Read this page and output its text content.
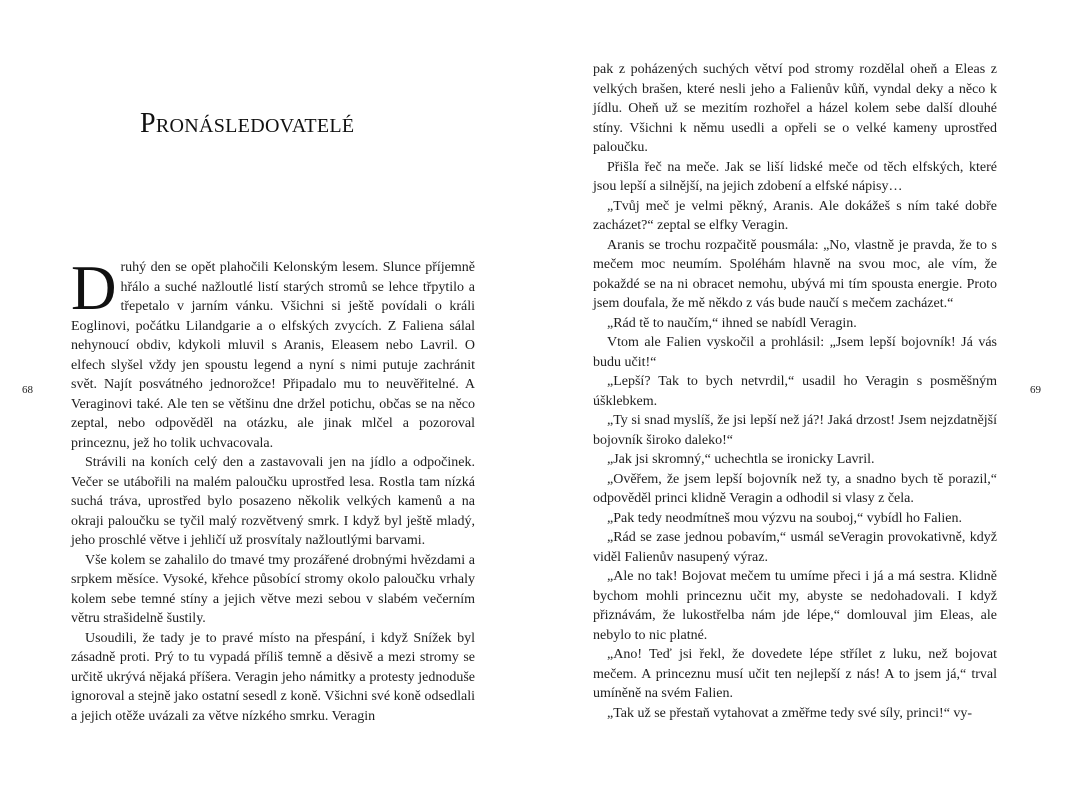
68
Pronásledovatelé

Druhý den se opět plahočili Kelonským lesem. Slunce příjemně hřálo a suché nažloutlé listí starých stromů se lehce třpytilo a třepetalo v jarním vánku. Všichni si ještě povídali o králi Eoglinovi, počátku Lilandgarie a o elfských zvycích. Z Faliena sálal nehynoucí obdiv, kdykoli mluvil s Aranis, Eleasem nebo Lavril. O elfech slyšel vždy jen spoustu legend a nyní s nimi putuje zachránit svět. Najít posvátného jednorožce! Připadalo mu to neuvěřitelné. A Veraginovi také. Ale ten se většinu dne držel potichu, občas se na něco zeptal, nebo odpověděl na otázku, ale jinak mlčel a pozoroval princeznu, jež ho tolik uchvacovala.

Strávili na koních celý den a zastavovali jen na jídlo a odpočinek. Večer se utábořili na malém paloučku uprostřed lesa. Rostla tam nízká suchá tráva, uprostřed bylo posazeno několik velkých kamenů a na okraji paloučku se tyčil malý rozvětvený smrk. I když byl ještě mladý, jeho proschlé větve i jehličí už prosvítaly nažloutlými barvami.

Vše kolem se zahalilo do tmavé tmy prozářené drobnými hvězdami a srpkem měsíce. Vysoké, křehce působící stromy okolo paloučku vrhaly kolem sebe temné stíny a jejich větve mezi sebou v slabém večerním větru strašidelně šustily.

Usoudili, že tady je to pravé místo na přespání, i když Snížek byl zásadně proti. Prý to tu vypadá příliš temně a děsivě a mezi stromy se určitě ukrývá nějaká příšera. Veragin jeho námitky a protesty jednoduše ignoroval a stejně jako ostatní sesedl z koně. Všichni své koně odsedlali a jejich otěže uvázali za větve nízkého smrku. Veragin

69

pak z poházených suchých větví pod stromy rozdělal oheň a Eleas z velkých brašen, které nesli jeho a Falienův kůň, vyndal deky a něco k jídlu. Oheň už se mezitím rozhořel a házel kolem sebe další dlouhé stíny. Všichni k němu usedli a opřeli se o velké kameny uprostřed paloučku.

Přišla řeč na meče. Jak se liší lidské meče od těch elfských, které jsou lepší a silnější, na jejich zdobení a elfské nápisy…

„Tvůj meč je velmi pěkný, Aranis. Ale dokážeš s ním také dobře zacházet?“ zeptal se elfky Veragin.

Aranis se trochu rozpačitě pousmála: „No, vlastně je pravda, že to s mečem moc neumím. Spoléhám hlavně na svou moc, ale vím, že pokaždé se na ni obracet nemohu, ubývá mi tím spousta energie. Proto jsem doufala, že mě někdo z vás bude naučí s mečem zacházet.“

„Rád tě to naučím,“ ihned se nabídl Veragin.

Vtom ale Falien vyskočil a prohlásil: „Jsem lepší bojovník! Já vás budu učit!“

„Lepší? Tak to bych netvrdil,“ usadil ho Veragin s posměšným úšklebkem.

„Ty si snad myslíš, že jsi lepší než já?! Jaká drzost! Jsem nejzdatnější bojovník široko daleko!“

„Jak jsi skromný,“ uchechtla se ironicky Lavril.

„Ověřem, že jsem lepší bojovník než ty, a snadno bych tě porazil,“ odpověděl princi klidně Veragin a odhodil si vlasy z čela.

„Pak tedy neodmítneš mou výzvu na souboj,“ vybídl ho Falien.

„Rád se zase jednou pobavím,“ usmál seVeragin provokativně, když viděl Falienův nasupený výraz.

„Ale no tak! Bojovat mečem tu umíme přeci i já a má sestra. Klidně bychom mohli princeznu učit my, abyste se nedohadovali. I když přiznávám, že lukostřelba nám jde lépe,“ domlouval jim Eleas, ale nebylo to nic platné.

„Ano! Teď jsi řekl, že dovedete lépe střílet z luku, než bojovat mečem. A princeznu musí učit ten nejlepší z nás! A to jsem já,“ trval umíněně na svém Falien.

„Tak už se přestaň vytahovat a změřme tedy své síly, princi!“ vy-
